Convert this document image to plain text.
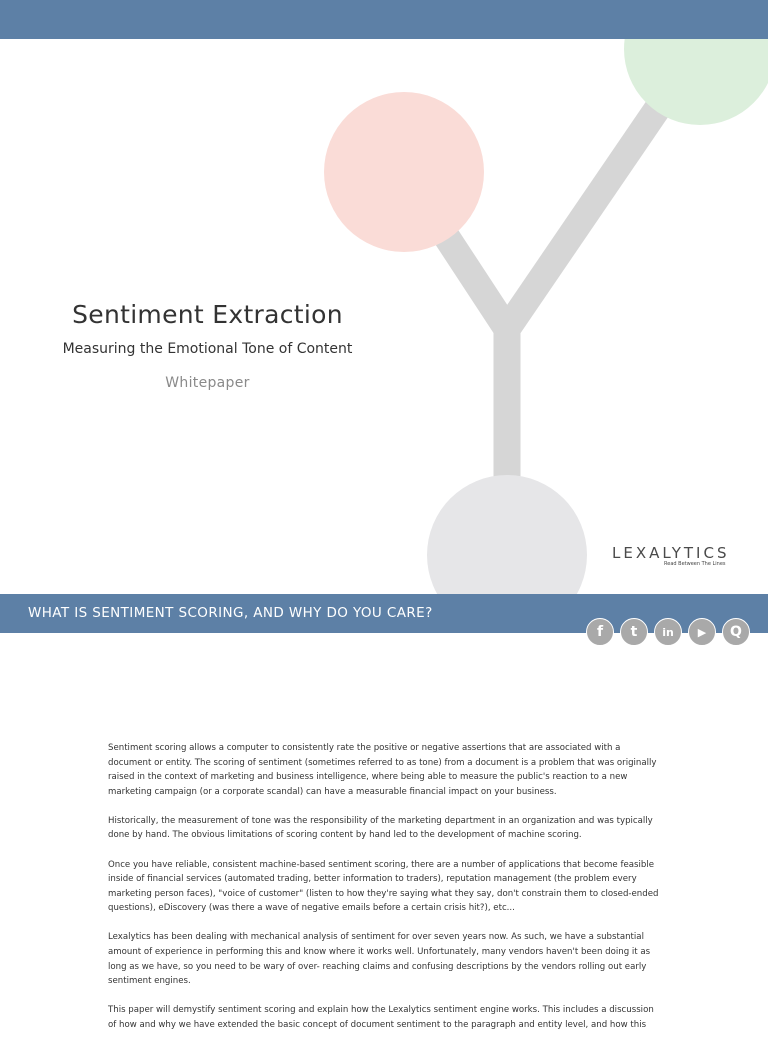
Sentiment Extraction
Measuring the Emotional Tone of Content
Whitepaper
LEXALYTICS
Read Between The Lines
WHAT IS SENTIMENT SCORING, AND WHY DO YOU CARE?
f	t	in	▶	Q

Sentiment scoring allows a computer to consistently rate the positive or negative assertions that are associated with a document or entity. The scoring of sentiment (sometimes referred to as tone) from a document is a problem that was originally raised in the context of marketing and business intelligence, where being able to measure the public's reaction to a new marketing campaign (or a corporate scandal) can have a measurable financial impact on your business.

Historically, the measurement of tone was the responsibility of the marketing department in an organization and was typically done by hand. The obvious limitations of scoring content by hand led to the development of machine scoring.

Once you have reliable, consistent machine-based sentiment scoring, there are a number of applications that become feasible inside of financial services (automated trading, better information to traders), reputation management (the problem every marketing person faces), "voice of customer" (listen to how they're saying what they say, don't constrain them to closed-ended questions), eDiscovery (was there a wave of negative emails before a certain crisis hit?), etc...

Lexalytics has been dealing with mechanical analysis of sentiment for over seven years now. As such, we have a substantial amount of experience in performing this and know where it works well. Unfortunately, many vendors haven't been doing it as long as we have, so you need to be wary of over- reaching claims and confusing descriptions by the vendors rolling out early sentiment engines.

This paper will demystify sentiment scoring and explain how the Lexalytics sentiment engine works. This includes a discussion of how and why we have extended the basic concept of document sentiment to the paragraph and entity level, and how this
